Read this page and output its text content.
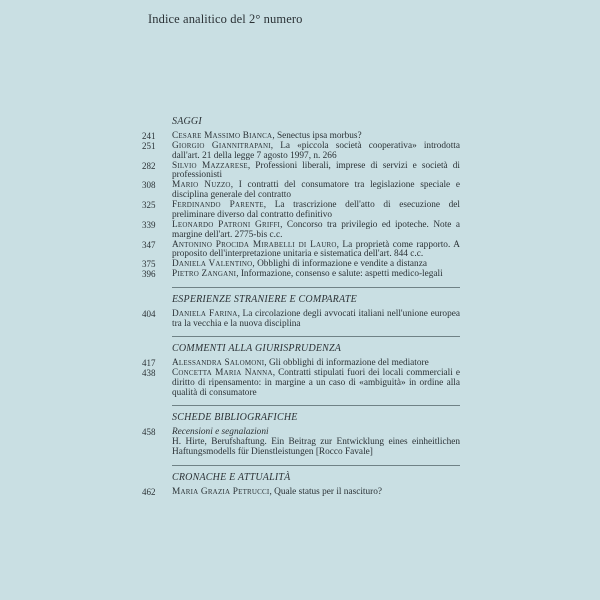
Indice analitico del 2° numero
SAGGI
241	Cesare Massimo Bianca, Senectus ipsa morbus?
251	Giorgio Giannitrapani, La «piccola società cooperativa» introdotta dall'art. 21 della legge 7 agosto 1997, n. 266
282	Silvio Mazzarese, Professioni liberali, imprese di servizi e società di professionisti
308	Mario Nuzzo, I contratti del consumatore tra legislazione speciale e disciplina generale del contratto
325	Ferdinando Parente, La trascrizione dell'atto di esecuzione del preliminare diverso dal contratto definitivo
339	Leonardo Patroni Griffi, Concorso tra privilegio ed ipoteche. Note a margine dell'art. 2775-bis c.c.
347	Antonino Procida Mirabelli di Lauro, La proprietà come rapporto. A proposito dell'interpretazione unitaria e sistematica dell'art. 844 c.c.
375	Daniela Valentino, Obblighi di informazione e vendite a distanza
396	Pietro Zangani, Informazione, consenso e salute: aspetti medico-legali
ESPERIENZE STRANIERE E COMPARATE
404	Daniela Farina, La circolazione degli avvocati italiani nell'unione europea tra la vecchia e la nuova disciplina
COMMENTI ALLA GIURISPRUDENZA
417	Alessandra Salomoni, Gli obblighi di informazione del mediatore
438	Concetta Maria Nanna, Contratti stipulati fuori dei locali commerciali e diritto di ripensamento: in margine a un caso di «ambiguità» in ordine alla qualità di consumatore
SCHEDE BIBLIOGRAFICHE
458	Recensioni e segnalazioni
H. Hirte, Berufshaftung. Ein Beitrag zur Entwicklung eines einheitlichen Haftungsmodells für Dienstleistungen [Rocco Favale]
CRONACHE E ATTUALITÀ
462	Maria Grazia Petrucci, Quale status per il nascituro?
